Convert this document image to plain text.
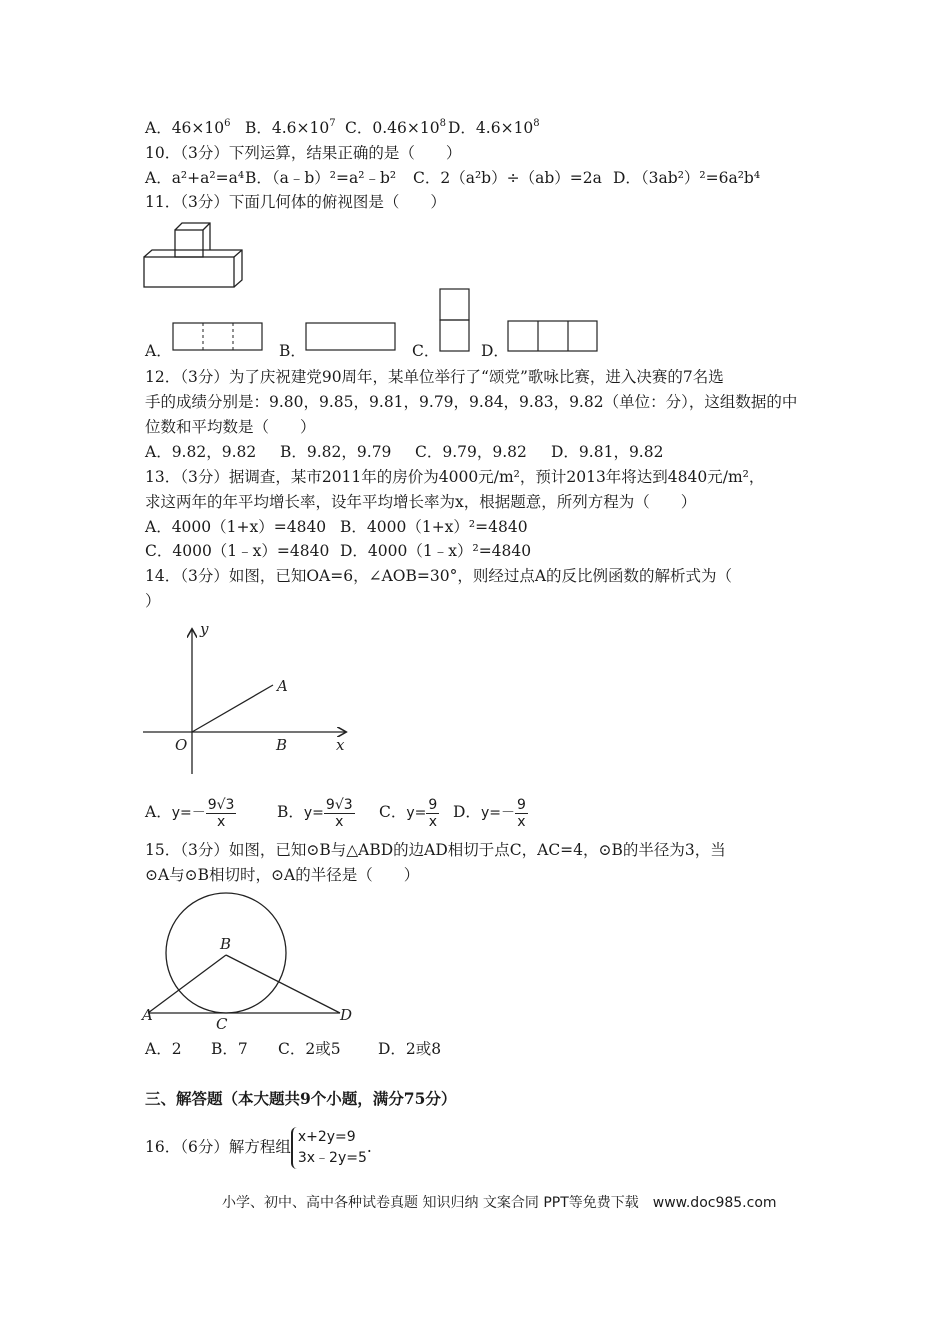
A．$46\times 10^6$ B．$4.6\times 10^7$ C．$0.46\times 10^8$ D．$4.6\times 10^8$
10．（3分）下列运算，结果正确的是（　　）
A．a²+a²=a⁴B．（a﹣b）²=a²﹣b² C．2（a²b）÷（ab）=2a D．（3ab²）²=6a²b⁴
11．（3分）下面几何体的俯视图是（　　）
A．	B．	C．	D．
12．（3分）为了庆祝建党90周年，某单位举行了“颂党”歌咏比赛，进入决赛的7名选
手的成绩分别是：9.80，9.85，9.81，9.79，9.84，9.83，9.82（单位：分），这组数据的中
位数和平均数是（　　）
A．9.82，9.82 B．9.82，9.79 C．9.79，9.82 D．9.81，9.82
13．（3分）据调查，某市2011年的房价为4000元/m²，预计2013年将达到4840元/m²，
求这两年的年平均增长率，设年平均增长率为x，根据题意，所列方程为（　　）
A．4000（1+x）=4840 B．4000（1+x）²=4840
C．4000（1﹣x）=4840 D．4000（1﹣x）²=4840
14．（3分）如图，已知OA=6，∠AOB=30°，则经过点A的反比例函数的解析式为（
）
y
x
O
A
B
A．$y=- \frac{9√3}{x}$	B．$y= \frac{9√3}{x}$ C．$y= \frac{9}{x}$ D．$y=- \frac{9}{x}$
15．（3分）如图，已知⊙B与△ABD的边AD相切于点C，AC=4，⊙B的半径为3，当
⊙A与⊙B相切时，⊙A的半径是（　　）
B
A	C	D
A．2 B．7 C．2或5 D．2或8
三、解答题（本大题共9个小题，满分75分）
16．（6分）解方程组
x+2y=9
3x﹣2y=5
.
小学、初中、高中各种试卷真题 知识归纳 文案合同 PPT等免费下载　www.doc985.com
